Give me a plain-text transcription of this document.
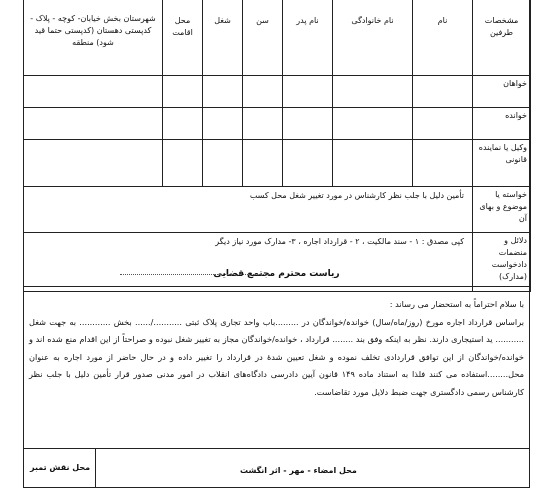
مشخصات طرفین	نام	نام خانوادگی	نام پدر	سن	شغل	محل اقامت	شهرستان بخش خیابان- کوچه - پلاک - کدپستی دهستان (کدپستی حتما قید شود) منطقه
خواهان							
خوانده							
وکیل یا نماینده قانونی							
خواسته یا موضوع و بهای آن	تأمین دلیل با جلب نظر کارشناس در مورد تغییر شغل محل کسب						
دلائل و منضمات دادخواست (مدارک)	کپی مصدق : ۱ - سند مالکیت ، ۲ - قرارداد اجاره ، ۳- مدارک مورد نیاز دیگر						
ریاست محترم مجتمع قضایی

با سلام احتراماً به استحضار می رساند :

براساس قرارداد اجاره مورخ (روز/ماه/سال) خواندہ/خواندگان در .........باب واحد تجاری پلاک ثبتی .........../...... بخش ............ به جهت شغل ........... ید استیجاری دارند. نظر به اینکه وفق بند ........ قرارداد ، خوانده/خواندگان مجاز به تغییر شغل نبوده و صراحتاً از این اقدام منع شده اند و خوانده/خواندگان از این توافق قراردادی تخلف نموده و شغل تعیین شدۀ در قرارداد را تغییر داده و در حال حاضر از مورد اجاره به عنوان محل........استفاده می کنند فلذا به استناد ماده ۱۴۹ قانون آیین دادرسی دادگاه‌های انقلاب در امور مدنی صدور قرار تأمین دلیل با جلب نظر کارشناس رسمی دادگستری جهت ضبط دلایل مورد تقاضاست.

محل امضاء - مهر - اثر انگشت
محل نقش تمبر
